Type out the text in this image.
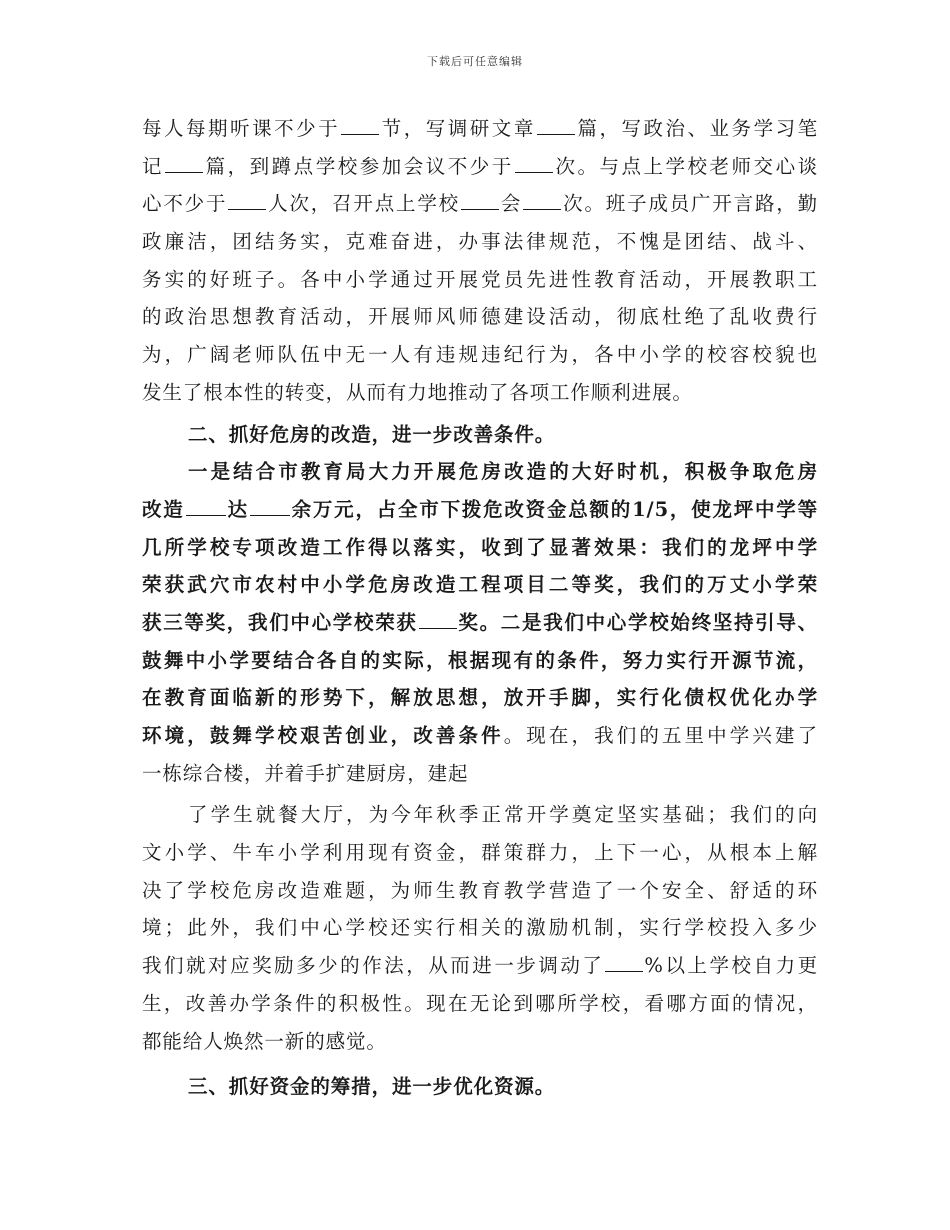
下载后可任意编辑
每人每期听课不少于 节，写调研文章 篇，写政治、业务学习笔
记 篇，到蹲点学校参加会议不少于 次。与点上学校老师交心谈
心不少于 人次，召开点上学校 会 次。班子成员广开言路，勤
政廉洁，团结务实，克难奋进，办事法律规范，不愧是团结、战斗、
务实的好班子。各中小学通过开展党员先进性教育活动，开展教职工
的政治思想教育活动，开展师风师德建设活动，彻底杜绝了乱收费行
为，广阔老师队伍中无一人有违规违纪行为，各中小学的校容校貌也
发生了根本性的转变，从而有力地推动了各项工作顺利进展。
二、抓好危房的改造，进一步改善条件。
一是结合市教育局大力开展危房改造的大好时机，积极争取危房
改造 达 余万元，占全市下拨危改资金总额的1/5，使龙坪中学等
几所学校专项改造工作得以落实，收到了显著效果：我们的龙坪中学
荣获武穴市农村中小学危房改造工程项目二等奖，我们的万丈小学荣
获三等奖，我们中心学校荣获 奖。二是我们中心学校始终坚持引导、
鼓舞中小学要结合各自的实际，根据现有的条件，努力实行开源节流，
在教育面临新的形势下，解放思想，放开手脚，实行化债权优化办学
环境，鼓舞学校艰苦创业，改善条件。现在，我们的五里中学兴建了
一栋综合楼，并着手扩建厨房，建起
了学生就餐大厅，为今年秋季正常开学奠定坚实基础；我们的向
文小学、牛车小学利用现有资金，群策群力，上下一心，从根本上解
决了学校危房改造难题，为师生教育教学营造了一个安全、舒适的环
境；此外，我们中心学校还实行相关的激励机制，实行学校投入多少
我们就对应奖励多少的作法，从而进一步调动了 %以上学校自力更
生，改善办学条件的积极性。现在无论到哪所学校，看哪方面的情况，
都能给人焕然一新的感觉。
三、抓好资金的筹措，进一步优化资源。
